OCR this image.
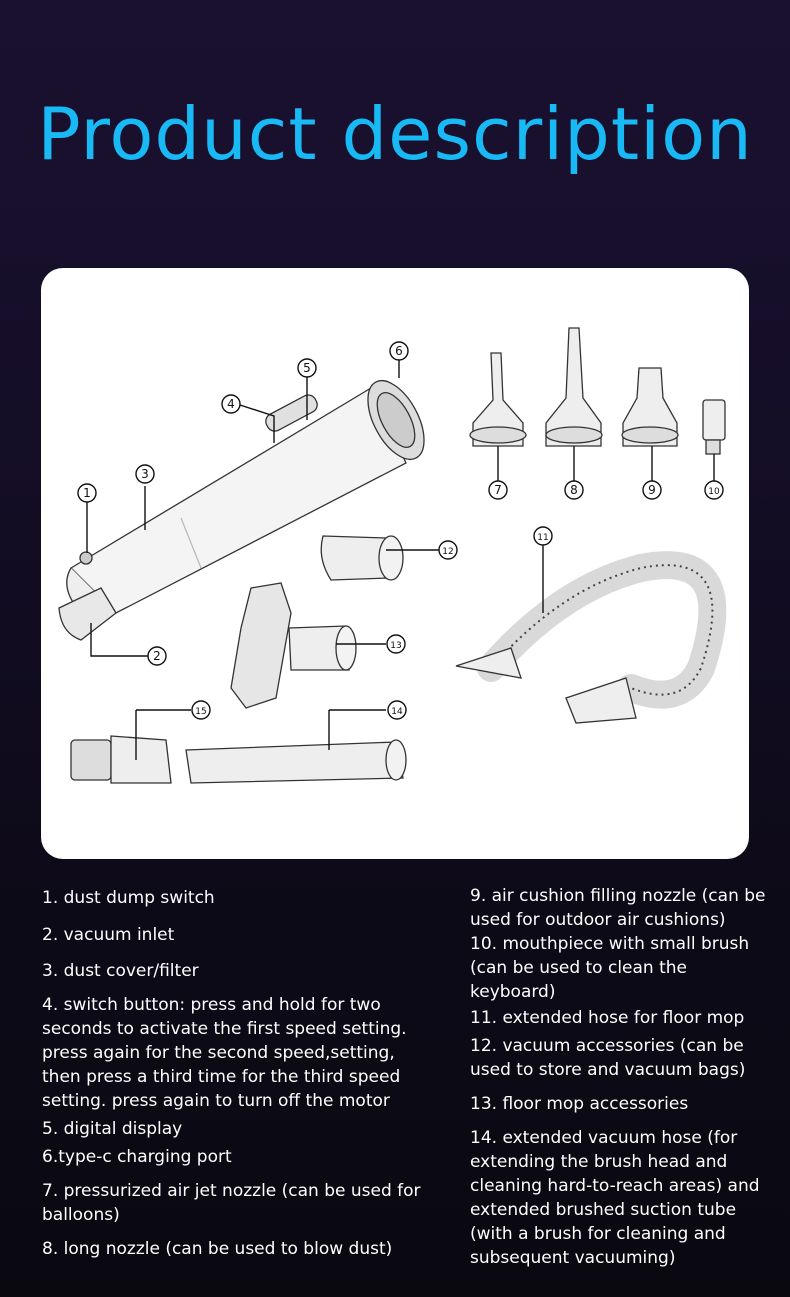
Product description
1
2
3
4
5
6
7	8	9	10
11
12
13
14
15

1. dust dump switch

2. vacuum inlet

3. dust cover/filter

4. switch button: press and hold for two seconds to activate the first speed setting. press again for the second speed,setting, then press a third time for the third speed setting. press again to turn off the motor

5. digital display

6.type-c charging port

7. pressurized air jet nozzle (can be used for balloons)

8. long nozzle (can be used to blow dust)

9. air cushion filling nozzle (can be used for outdoor air cushions)

10. mouthpiece with small brush (can be used to clean the keyboard)

11. extended hose for floor mop

12. vacuum accessories (can be used to store and vacuum bags)

13. floor mop accessories

14. extended vacuum hose (for extending the brush head and cleaning hard-to-reach areas) and extended brushed suction tube (with a brush for cleaning and subsequent vacuuming)
